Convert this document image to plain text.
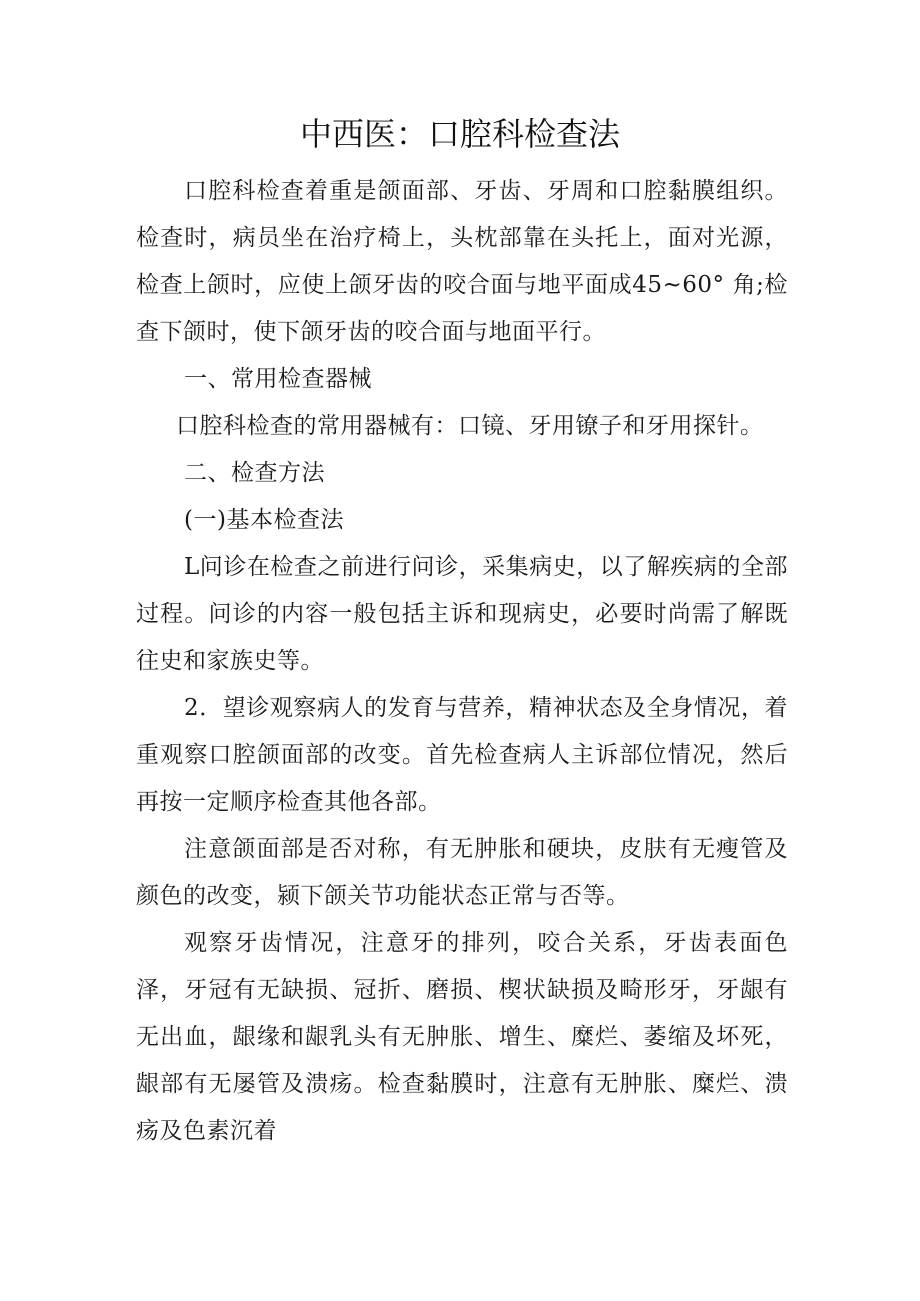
中西医：口腔科检查法

口腔科检查着重是颌面部、牙齿、牙周和口腔黏膜组织。检查时，病员坐在治疗椅上，头枕部靠在头托上，面对光源，检查上颌时，应使上颌牙齿的咬合面与地平面成45~60° 角;检查下颌时，使下颌牙齿的咬合面与地面平行。

一、常用检查器械

口腔科检查的常用器械有：口镜、牙用镣子和牙用探针。

二、检查方法

(一)基本检查法

L问诊在检查之前进行问诊，采集病史，以了解疾病的全部过程。问诊的内容一般包括主诉和现病史，必要时尚需了解既往史和家族史等。

2．望诊观察病人的发育与营养，精神状态及全身情况，着重观察口腔颌面部的改变。首先检查病人主诉部位情况，然后再按一定顺序检查其他各部。

注意颌面部是否对称，有无肿胀和硬块，皮肤有无瘦管及颜色的改变，颍下颌关节功能状态正常与否等。

观察牙齿情况，注意牙的排列，咬合关系，牙齿表面色泽，牙冠有无缺损、冠折、磨损、楔状缺损及畸形牙，牙龈有无出血，龈缘和龈乳头有无肿胀、增生、糜烂、萎缩及坏死，龈部有无屡管及溃疡。检查黏膜时，注意有无肿胀、糜烂、溃疡及色素沉着
